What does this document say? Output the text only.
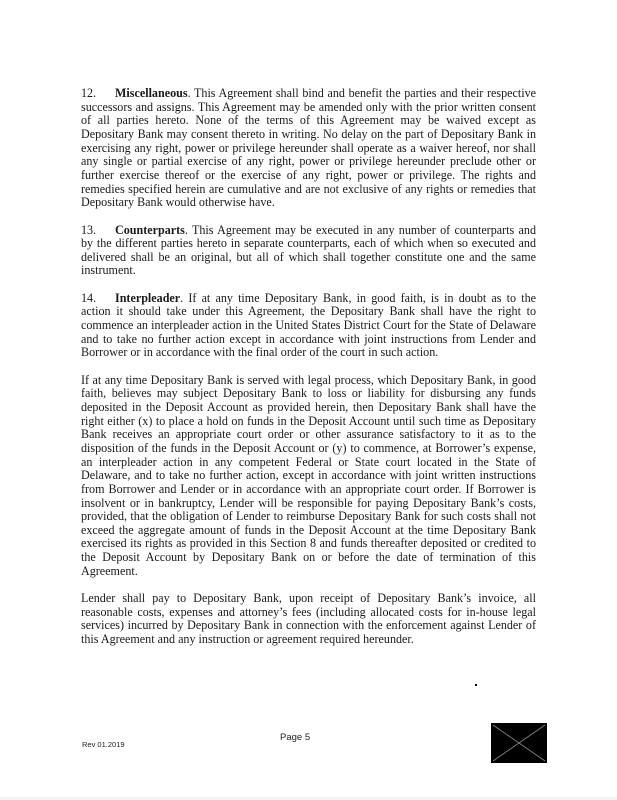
12. Miscellaneous. This Agreement shall bind and benefit the parties and their respective successors and assigns. This Agreement may be amended only with the prior written consent of all parties hereto. None of the terms of this Agreement may be waived except as Depositary Bank may consent thereto in writing. No delay on the part of Depositary Bank in exercising any right, power or privilege hereunder shall operate as a waiver hereof, nor shall any single or partial exercise of any right, power or privilege hereunder preclude other or further exercise thereof or the exercise of any right, power or privilege. The rights and remedies specified herein are cumulative and are not exclusive of any rights or remedies that Depositary Bank would otherwise have.

13. Counterparts. This Agreement may be executed in any number of counterparts and by the different parties hereto in separate counterparts, each of which when so executed and delivered shall be an original, but all of which shall together constitute one and the same instrument.

14. Interpleader. If at any time Depositary Bank, in good faith, is in doubt as to the action it should take under this Agreement, the Depositary Bank shall have the right to commence an interpleader action in the United States District Court for the State of Delaware and to take no further action except in accordance with joint instructions from Lender and Borrower or in accordance with the final order of the court in such action.

If at any time Depositary Bank is served with legal process, which Depositary Bank, in good faith, believes may subject Depositary Bank to loss or liability for disbursing any funds deposited in the Deposit Account as provided herein, then Depositary Bank shall have the right either (x) to place a hold on funds in the Deposit Account until such time as Depositary Bank receives an appropriate court order or other assurance satisfactory to it as to the disposition of the funds in the Deposit Account or (y) to commence, at Borrower’s expense, an interpleader action in any competent Federal or State court located in the State of Delaware, and to take no further action, except in accordance with joint written instructions from Borrower and Lender or in accordance with an appropriate court order. If Borrower is insolvent or in bankruptcy, Lender will be responsible for paying Depositary Bank’s costs, provided, that the obligation of Lender to reimburse Depositary Bank for such costs shall not exceed the aggregate amount of funds in the Deposit Account at the time Depositary Bank exercised its rights as provided in this Section 8 and funds thereafter deposited or credited to the Deposit Account by Depositary Bank on or before the date of termination of this Agreement.

Lender shall pay to Depositary Bank, upon receipt of Depositary Bank’s invoice, all reasonable costs, expenses and attorney’s fees (including allocated costs for in-house legal services) incurred by Depositary Bank in connection with the enforcement against Lender of this Agreement and any instruction or agreement required hereunder.

Rev 01.2019
Page 5
